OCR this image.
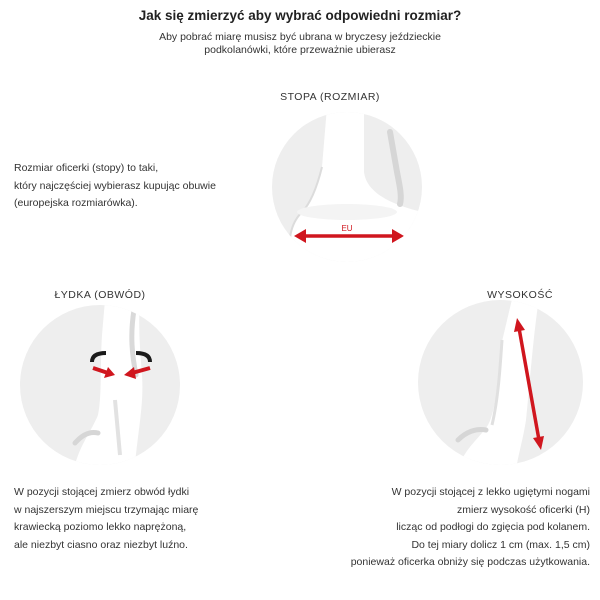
Jak się zmierzyć aby wybrać odpowiedni rozmiar?
Aby pobrać miarę musisz być ubrana w bryczesy jeździeckie
podkolanówki, które przeważnie ubierasz
STOPA (ROZMIAR)
EU
Rozmiar oficerki (stopy) to taki,
który najczęściej wybierasz kupując obuwie
(europejska rozmiarówka).
ŁYDKA (OBWÓD)
W pozycji stojącej zmierz obwód łydki
w najszerszym miejscu trzymając miarę
krawiecką poziomo lekko naprężoną,
ale niezbyt ciasno oraz niezbyt luźno.
WYSOKOŚĆ
W pozycji stojącej z lekko ugiętymi nogami
zmierz wysokość oficerki (H)
licząc od podłogi do zgięcia pod kolanem.
Do tej miary dolicz 1 cm (max. 1,5 cm)
ponieważ oficerka obniży się podczas użytkowania.
